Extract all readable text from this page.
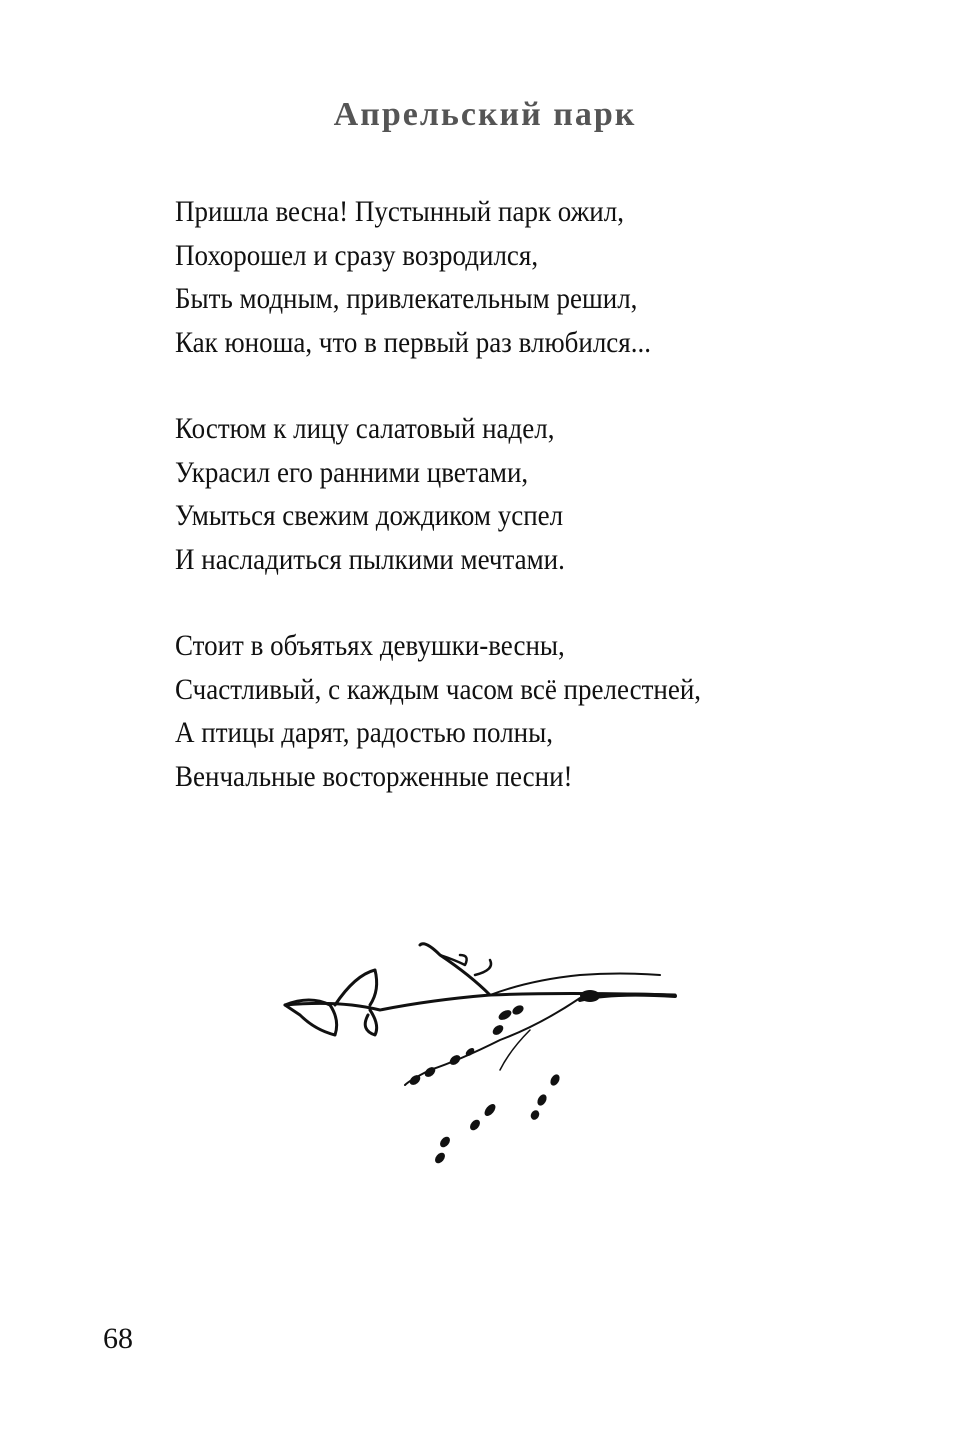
Апрельский парк
Пришла весна! Пустынный парк ожил,
Похорошел и сразу возродился,
Быть модным, привлекательным решил,
Как юноша, что в первый раз влюбился...
Костюм к лицу салатовый надел,
Украсил его ранними цветами,
Умыться свежим дождиком успел
И насладиться пылкими мечтами.
Стоит в объятьях девушки-весны,
Счастливый, с каждым часом всё прелестней,
А птицы дарят, радостью полны,
Венчальные восторженные песни!
68
